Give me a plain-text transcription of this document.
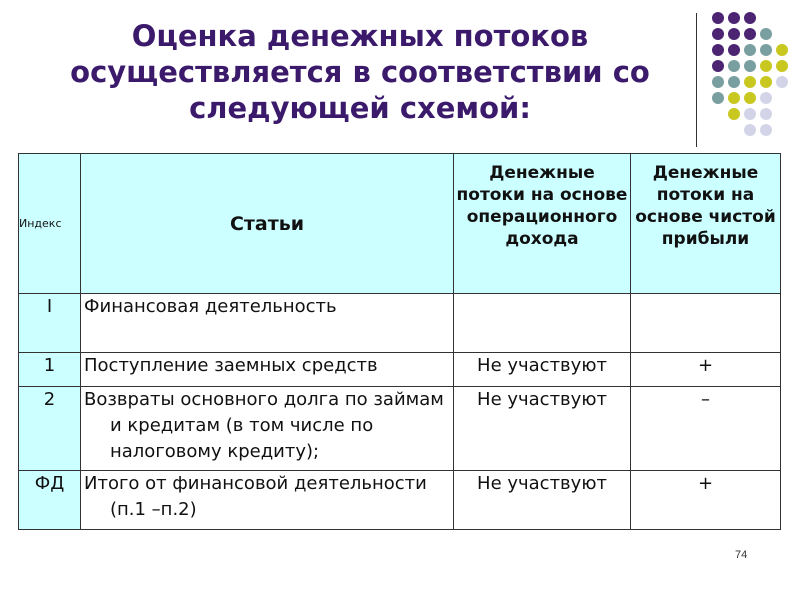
Оценка денежных потоков осуществляется в соответствии со следующей схемой:
Индекс	Статьи	Денежные потоки на основе операционного дохода	Денежные потоки на основе чистой прибыли
I	Финансовая деятельность		

1	Поступление заемных средств	Не участвуют	+
2	Возвраты основного долга по займам и кредитам (в том числе по налоговому кредиту);	Не участвуют	–
ФД	Итого от финансовой деятельности (п.1 –п.2)	Не участвуют	+
74
